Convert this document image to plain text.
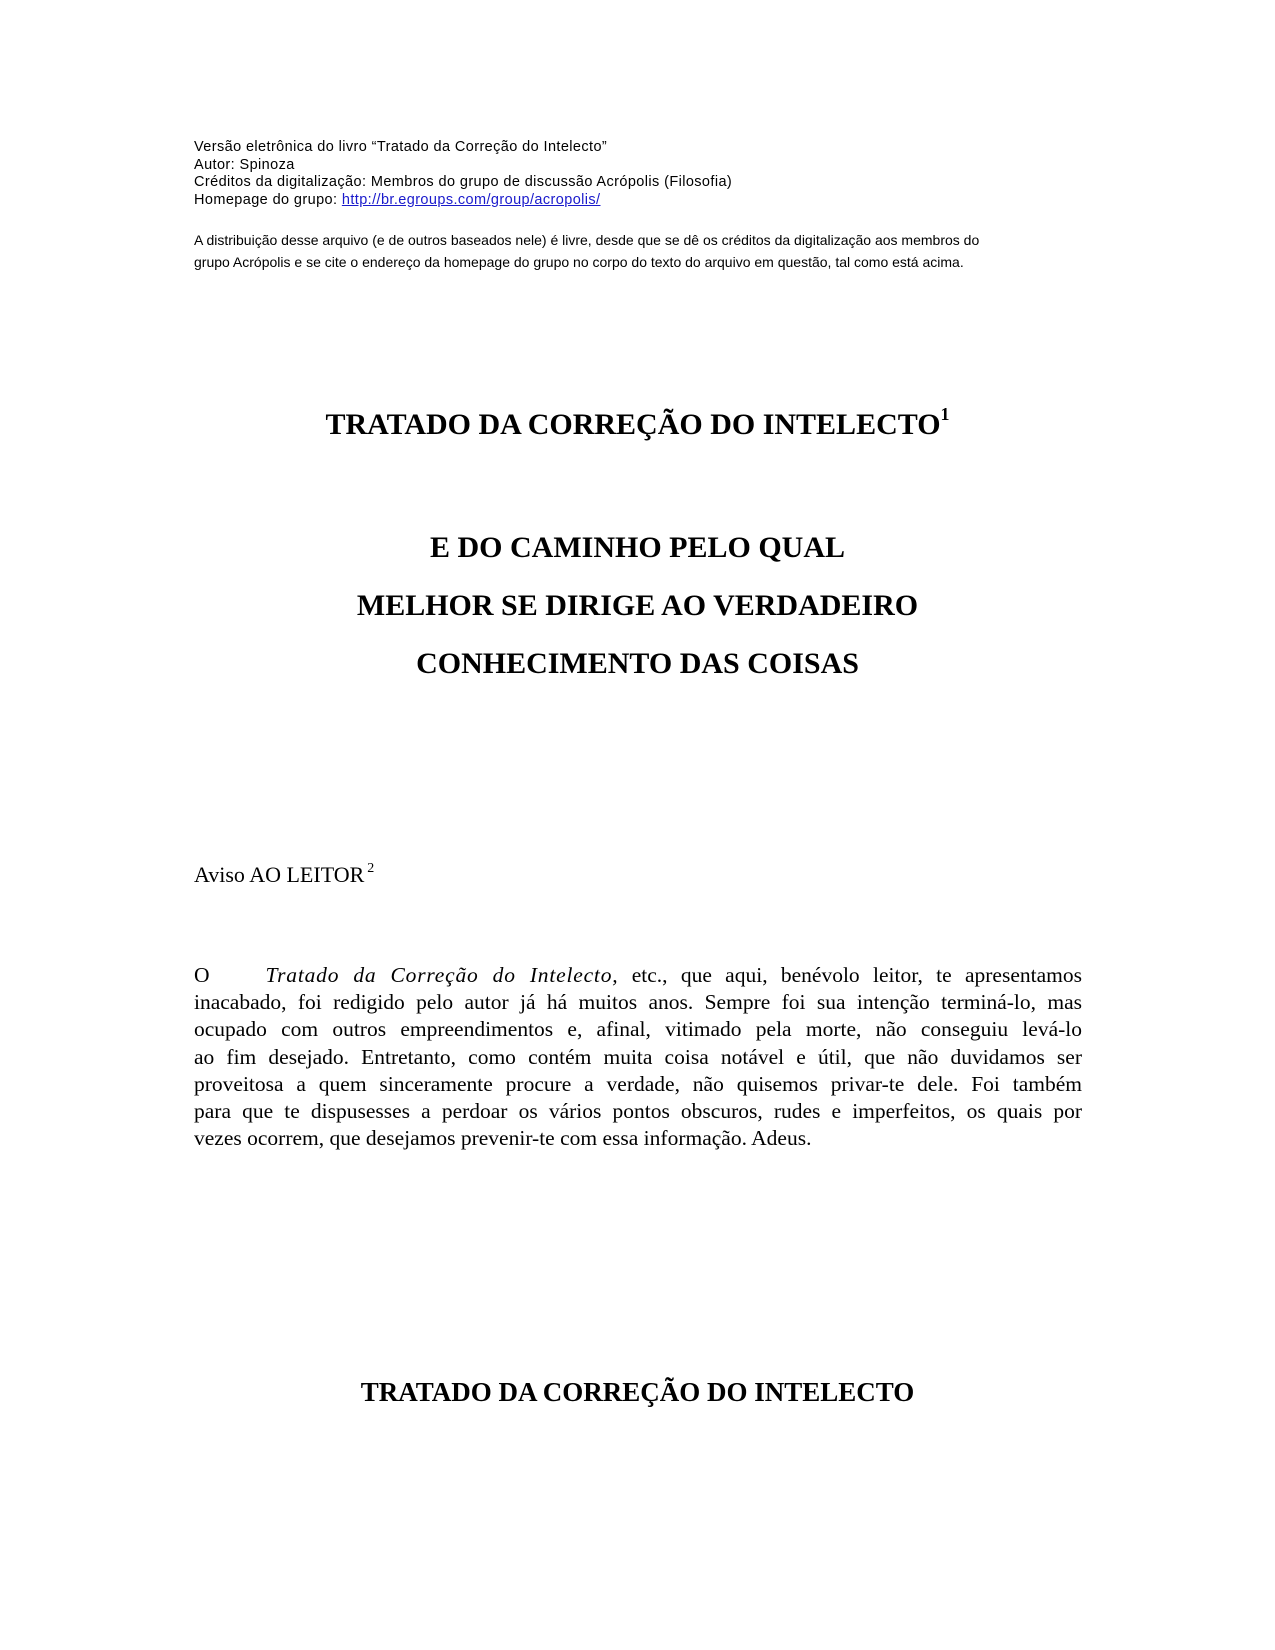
Versão eletrônica do livro “Tratado da Correção do Intelecto”
Autor: Spinoza
Créditos da digitalização: Membros do grupo de discussão Acrópolis (Filosofia)
Homepage do grupo: http://br.egroups.com/group/acropolis/
A distribuição desse arquivo (e de outros baseados nele) é livre, desde que se dê os créditos da digitalização aos membros do
grupo Acrópolis e se cite o endereço da homepage do grupo no corpo do texto do arquivo em questão, tal como está acima.
TRATADO DA CORREÇÃO DO INTELECTO$^1$
E DO CAMINHO PELO QUAL
MELHOR SE DIRIGE AO VERDADEIRO
CONHECIMENTO DAS COISAS
Aviso AO LEITOR $^2$
O	Tratado da Correção do Intelecto, etc., que aqui, benévolo leitor, te apresentamos
inacabado, foi redigido pelo autor já há muitos anos. Sempre foi sua intenção terminá-lo, mas
ocupado com outros empreendimentos e, afinal, vitimado pela morte, não conseguiu levá-lo
ao fim desejado. Entretanto, como contém muita coisa notável e útil, que não duvidamos ser
proveitosa a quem sinceramente procure a verdade, não quisemos privar-te dele. Foi também
para que te dispusesses a perdoar os vários pontos obscuros, rudes e imperfeitos, os quais por
vezes ocorrem, que desejamos prevenir-te com essa informação. Adeus.
TRATADO DA CORREÇÃO DO INTELECTO
